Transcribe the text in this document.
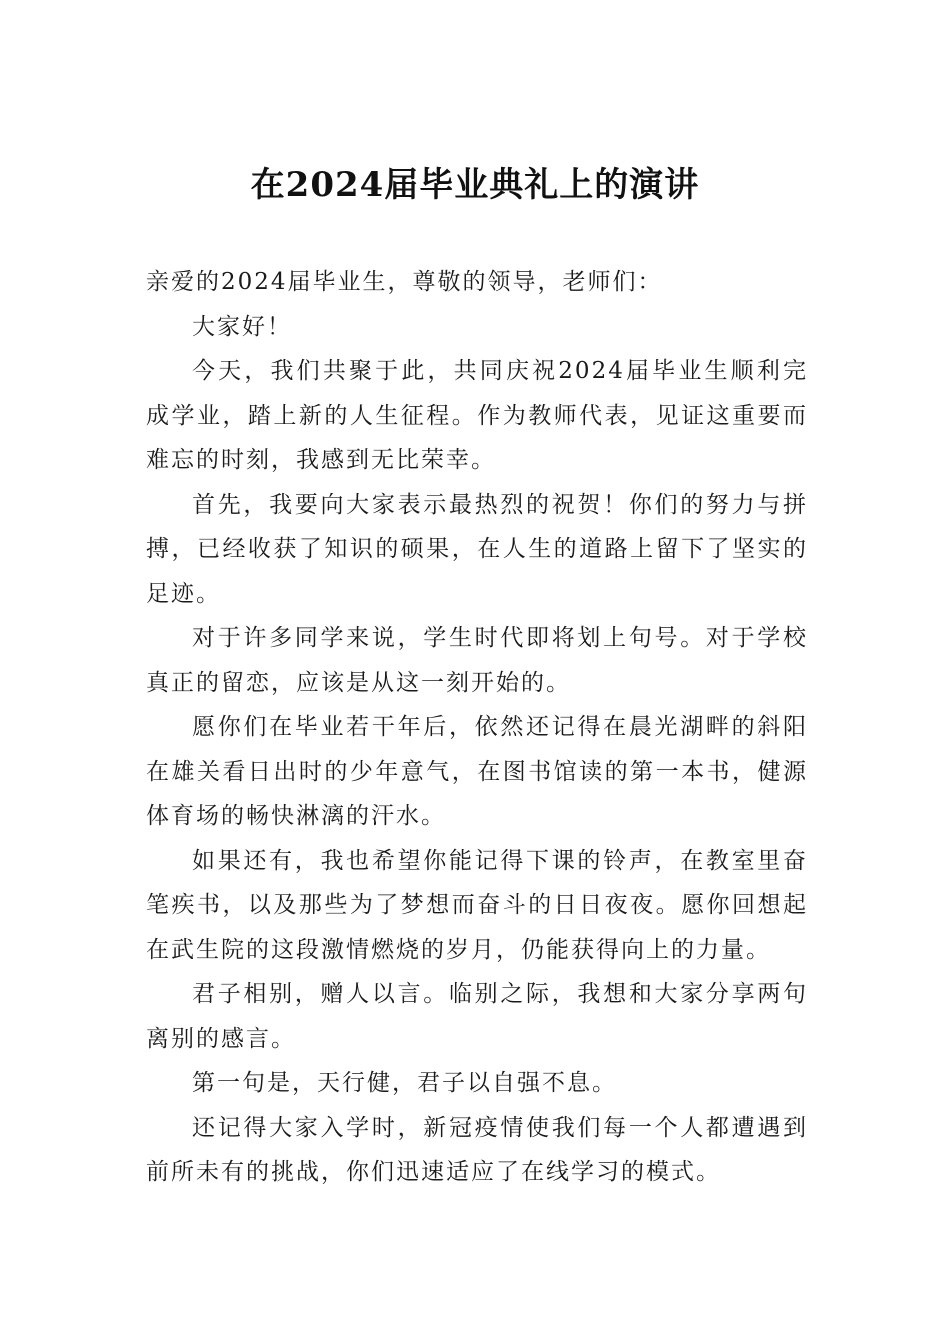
在2024届毕业典礼上的演讲

亲爱的2024届毕业生，尊敬的领导，老师们：

大家好！

今天，我们共聚于此，共同庆祝2024届毕业生顺利完成学业，踏上新的人生征程。作为教师代表，见证这重要而难忘的时刻，我感到无比荣幸。

首先，我要向大家表示最热烈的祝贺！你们的努力与拼搏，已经收获了知识的硕果，在人生的道路上留下了坚实的足迹。

对于许多同学来说，学生时代即将划上句号。对于学校真正的留恋，应该是从这一刻开始的。

愿你们在毕业若干年后，依然还记得在晨光湖畔的斜阳在雄关看日出时的少年意气，在图书馆读的第一本书，健源体育场的畅快淋漓的汗水。

如果还有，我也希望你能记得下课的铃声，在教室里奋笔疾书，以及那些为了梦想而奋斗的日日夜夜。愿你回想起在武生院的这段激情燃烧的岁月，仍能获得向上的力量。

君子相别，赠人以言。临别之际，我想和大家分享两句离别的感言。

第一句是，天行健，君子以自强不息。

还记得大家入学时，新冠疫情使我们每一个人都遭遇到前所未有的挑战，你们迅速适应了在线学习的模式。
